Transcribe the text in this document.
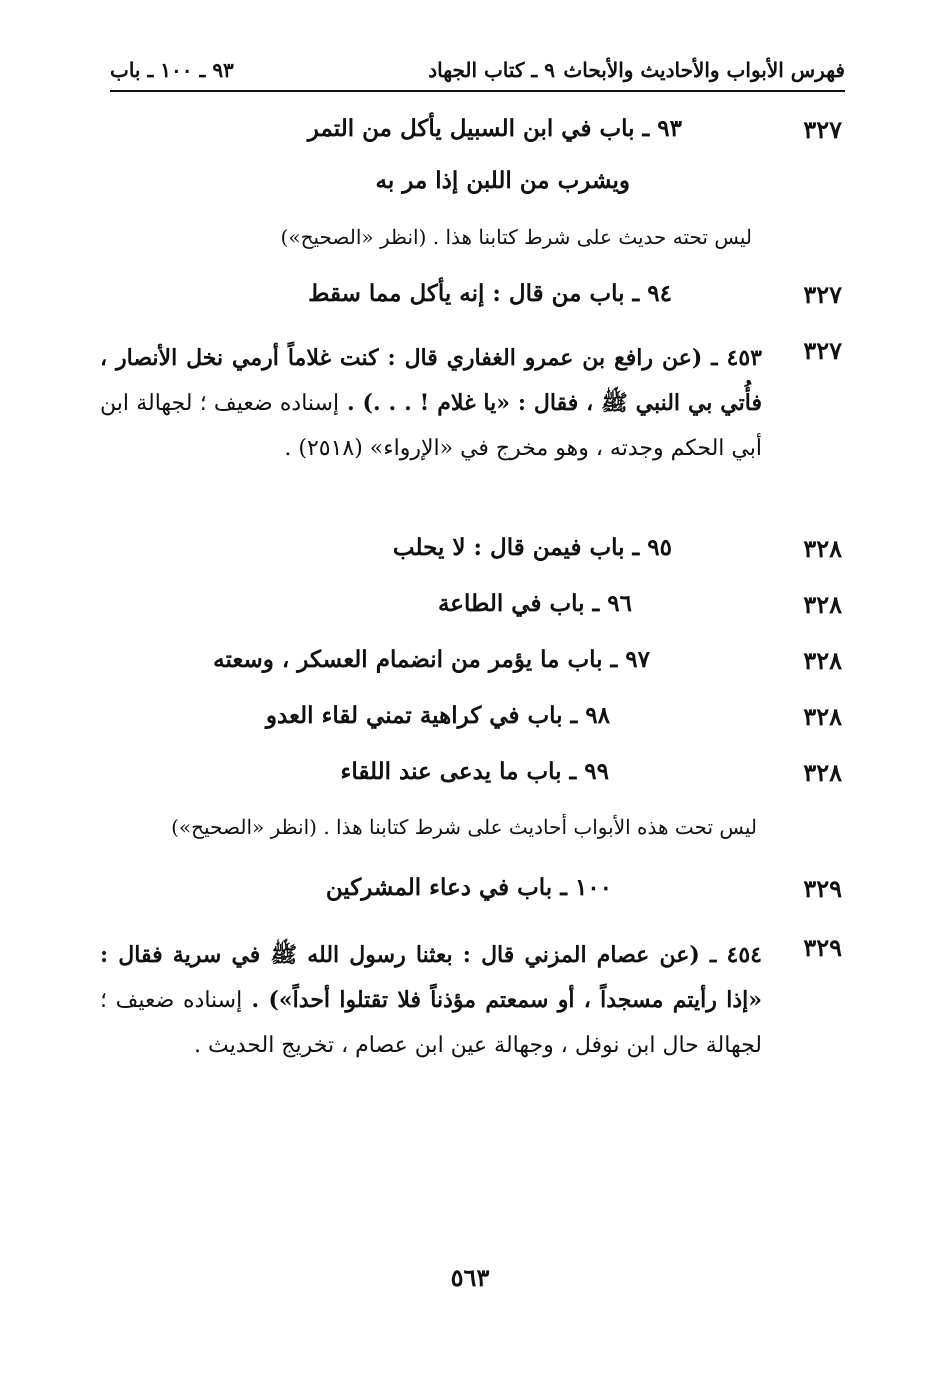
فهرس الأبواب والأحاديث والأبحاث
٩ ـ كتاب الجهاد
٩٣ ـ ١٠٠ ـ باب
٣٢٧
٩٣ ـ باب في ابن السبيل يأكل من التمر
ويشرب من اللبن إذا مر به
ليس تحته حديث على شرط كتابنا هذا . (انظر «الصحيح»)
٣٢٧
٩٤ ـ باب من قال : إنه يأكل مما سقط
٣٢٧
٤٥٣ ـ (عن رافع بن عمرو الغفاري قال : كنت غلاماً أرمي نخل الأنصار ، فأُتي بي النبي ﷺ ، فقال : «يا غلام ! . . .) . إسناده ضعيف ؛ لجهالة ابن أبي الحكم وجدته ، وهو مخرج في «الإرواء» (٢٥١٨) .
٣٢٨
٩٥ ـ باب فيمن قال : لا يحلب
٣٢٨
٩٦ ـ باب في الطاعة
٣٢٨
٩٧ ـ باب ما يؤمر من انضمام العسكر ، وسعته
٣٢٨
٩٨ ـ باب في كراهية تمني لقاء العدو
٣٢٨
٩٩ ـ باب ما يدعى عند اللقاء
ليس تحت هذه الأبواب أحاديث على شرط كتابنا هذا . (انظر «الصحيح»)
٣٢٩
١٠٠ ـ باب في دعاء المشركين
٣٢٩
٤٥٤ ـ (عن عصام المزني قال : بعثنا رسول الله ﷺ في سرية فقال : «إذا رأيتم مسجداً ، أو سمعتم مؤذناً فلا تقتلوا أحداً») . إسناده ضعيف ؛ لجهالة حال ابن نوفل ، وجهالة عين ابن عصام ، تخريج الحديث .
٥٦٣
